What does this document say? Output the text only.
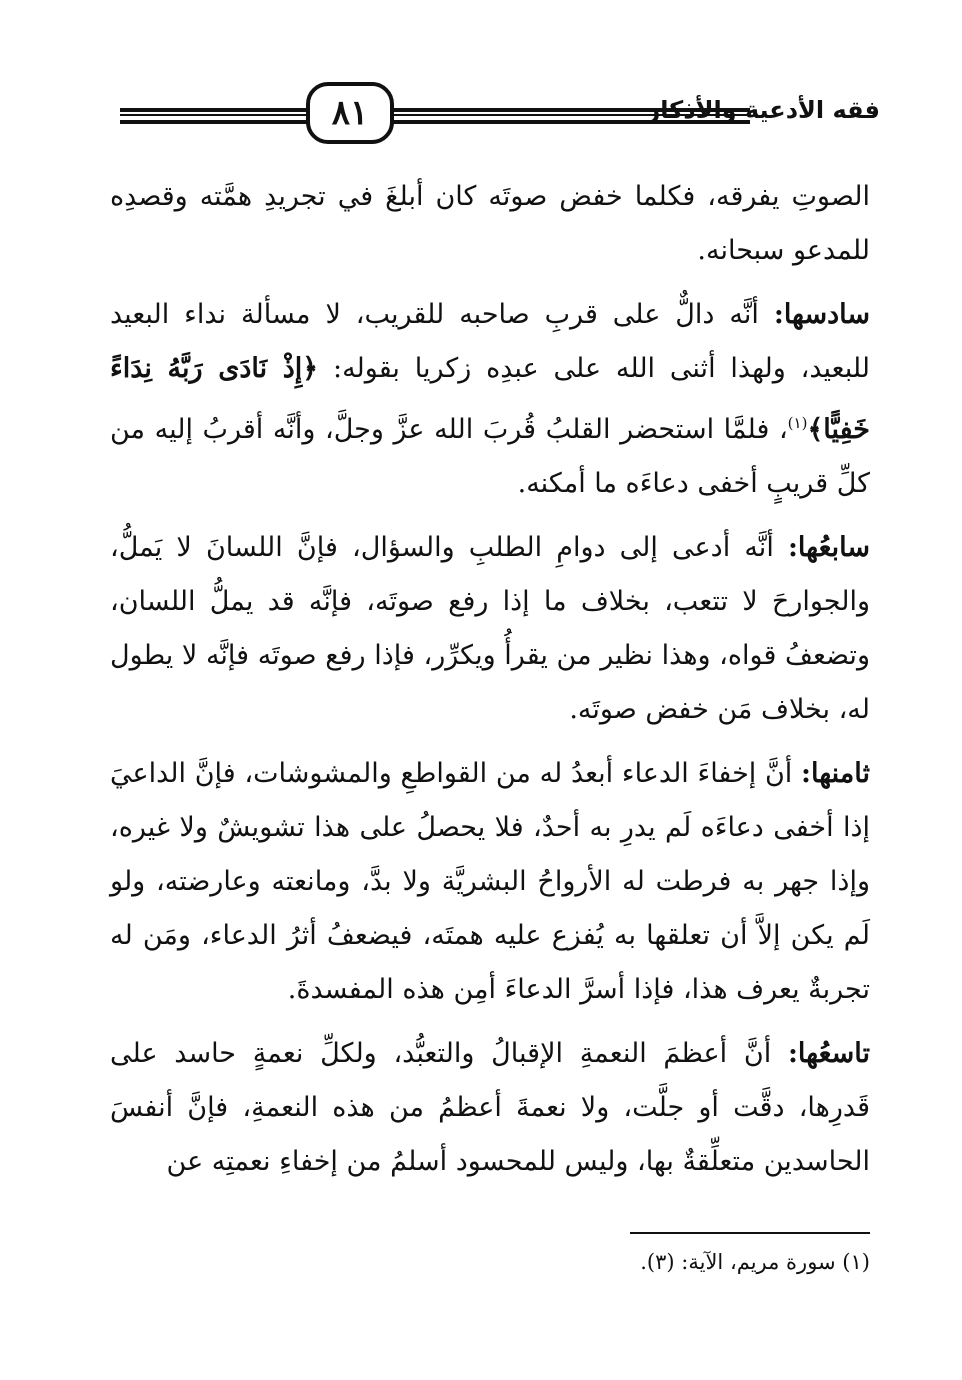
٨١	فقه الأدعية والأذكار

الصوتِ يفرقه، فكلما خفض صوتَه كان أبلغَ في تجريدِ همَّته وقصدِه للمدعو سبحانه.

سادسها: أنَّه دالٌّ على قربِ صاحبه للقريب، لا مسألة نداء البعيد للبعيد، ولهذا أثنى الله على عبدِه زكريا بقوله: ﴿إِذْ نَادَى رَبَّهُ نِدَاءً خَفِيًّا﴾$^{(١)}$، فلمَّا استحضر القلبُ قُربَ الله عزَّ وجلَّ، وأنَّه أقربُ إليه من كلِّ قريبٍ أخفى دعاءَه ما أمكنه.

سابعُها: أنَّه أدعى إلى دوامِ الطلبِ والسؤال، فإنَّ اللسانَ لا يَملُّ، والجوارحَ لا تتعب، بخلاف ما إذا رفع صوتَه، فإنَّه قد يملُّ اللسان، وتضعفُ قواه، وهذا نظير من يقرأُ ويكرِّر، فإذا رفع صوتَه فإنَّه لا يطول له، بخلاف مَن خفض صوتَه.

ثامنها: أنَّ إخفاءَ الدعاء أبعدُ له من القواطعِ والمشوشات، فإنَّ الداعيَ إذا أخفى دعاءَه لَم يدرِ به أحدٌ، فلا يحصلُ على هذا تشويشٌ ولا غيره، وإذا جهر به فرطت له الأرواحُ البشريَّة ولا بدَّ، ومانعته وعارضته، ولو لَم يكن إلاَّ أن تعلقها به يُفزع عليه همتَه، فيضعفُ أثرُ الدعاء، ومَن له تجربةٌ يعرف هذا، فإذا أسرَّ الدعاءَ أمِن هذه المفسدةَ.

تاسعُها: أنَّ أعظمَ النعمةِ الإقبالُ والتعبُّد، ولكلِّ نعمةٍ حاسد على قَدرِها، دقَّت أو جلَّت، ولا نعمةَ أعظمُ من هذه النعمةِ، فإنَّ أنفسَ الحاسدين متعلِّقةٌ بها، وليس للمحسود أسلمُ من إخفاءِ نعمتِه عن

(١) سورة مريم، الآية: (٣).
